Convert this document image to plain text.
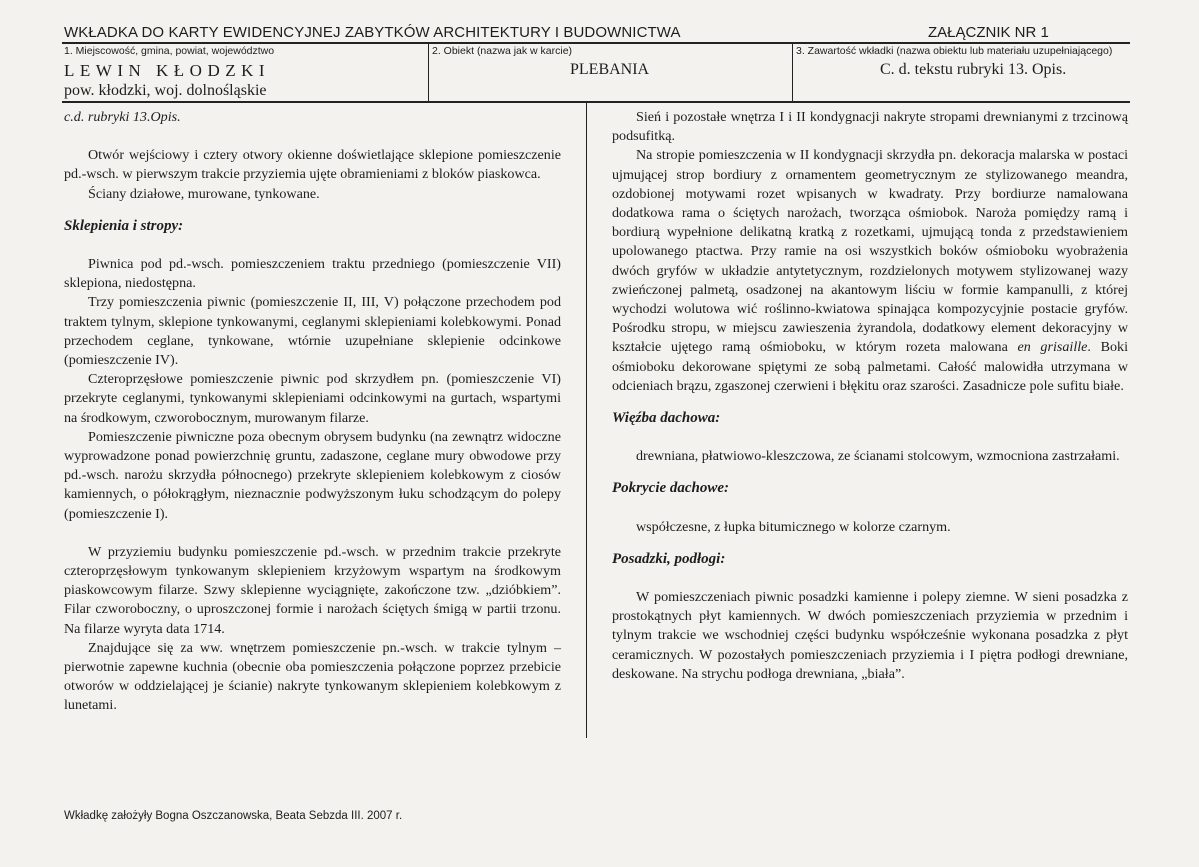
WKŁADKA DO KARTY EWIDENCYJNEJ ZABYTKÓW ARCHITEKTURY I BUDOWNICTWA	ZAŁĄCZNIK NR 1
1. Miejscowość, gmina, powiat, województwo
LEWIN KŁODZKI
pow. kłodzki, woj. dolnośląskie
2. Obiekt (nazwa jak w karcie)
PLEBANIA
3. Zawartość wkładki (nazwa obiektu lub materiału uzupełniającego)
C. d. tekstu rubryki 13. Opis.

c.d. rubryki 13.Opis.

Otwór wejściowy i cztery otwory okienne doświetlające sklepione pomieszczenie pd.-wsch. w pierwszym trakcie przyziemia ujęte obramieniami z bloków piaskowca.

Ściany działowe, murowane, tynkowane.

Sklepienia i stropy:

Piwnica pod pd.-wsch. pomieszczeniem traktu przedniego (pomieszczenie VII) sklepiona, niedostępna.

Trzy pomieszczenia piwnic (pomieszczenie II, III, V) połączone przechodem pod traktem tylnym, sklepione tynkowanymi, ceglanymi sklepieniami kolebkowymi. Ponad przechodem ceglane, tynkowane, wtórnie uzupełniane sklepienie odcinkowe (pomieszczenie IV).

Czteroprzęsłowe pomieszczenie piwnic pod skrzydłem pn. (pomieszczenie VI) przekryte ceglanymi, tynkowanymi sklepieniami odcinkowymi na gurtach, wspartymi na środkowym, czworobocznym, murowanym filarze.

Pomieszczenie piwniczne poza obecnym obrysem budynku (na zewnątrz widoczne wyprowadzone ponad powierzchnię gruntu, zadaszone, ceglane mury obwodowe przy pd.-wsch. narożu skrzydła północnego) przekryte sklepieniem kolebkowym z ciosów kamiennych, o półokrągłym, nieznacznie podwyższonym łuku schodzącym do polepy (pomieszczenie I).

W przyziemiu budynku pomieszczenie pd.-wsch. w przednim trakcie przekryte czteroprzęsłowym tynkowanym sklepieniem krzyżowym wspartym na środkowym piaskowcowym filarze. Szwy sklepienne wyciągnięte, zakończone tzw. „dzióbkiem”. Filar czworoboczny, o uproszczonej formie i narożach ściętych śmigą w partii trzonu. Na filarze wyryta data 1714.

Znajdujące się za ww. wnętrzem pomieszczenie pn.-wsch. w trakcie tylnym – pierwotnie zapewne kuchnia (obecnie oba pomieszczenia połączone poprzez przebicie otworów w oddzielającej je ścianie) nakryte tynkowanym sklepieniem kolebkowym z lunetami.

Sień i pozostałe wnętrza I i II kondygnacji nakryte stropami drewnianymi z trzcinową podsufitką.

Na stropie pomieszczenia w II kondygnacji skrzydła pn. dekoracja malarska w postaci ujmującej strop bordiury z ornamentem geometrycznym ze stylizowanego meandra, ozdobionej motywami rozet wpisanych w kwadraty. Przy bordiurze namalowana dodatkowa rama o ściętych narożach, tworząca ośmiobok. Naroża pomiędzy ramą i bordiurą wypełnione delikatną kratką z rozetkami, ujmującą tonda z przedstawieniem upolowanego ptactwa. Przy ramie na osi wszystkich boków ośmioboku wyobrażenia dwóch gryfów w układzie antytetycznym, rozdzielonych motywem stylizowanej wazy zwieńczonej palmetą, osadzonej na akantowym liściu w formie kampanulli, z której wychodzi wolutowa wić roślinno-kwiatowa spinająca kompozycyjnie postacie gryfów. Pośrodku stropu, w miejscu zawieszenia żyrandola, dodatkowy element dekoracyjny w kształcie ujętego ramą ośmioboku, w którym rozeta malowana en grisaille. Boki ośmioboku dekorowane spiętymi ze sobą palmetami. Całość malowidła utrzymana w odcieniach brązu, zgaszonej czerwieni i błękitu oraz szarości. Zasadnicze pole sufitu białe.

Więźba dachowa:

drewniana, płatwiowo-kleszczowa, ze ścianami stolcowym, wzmocniona zastrzałami.

Pokrycie dachowe:

współczesne, z łupka bitumicznego w kolorze czarnym.

Posadzki, podłogi:

W pomieszczeniach piwnic posadzki kamienne i polepy ziemne. W sieni posadzka z prostokątnych płyt kamiennych. W dwóch pomieszczeniach przyziemia w przednim i tylnym trakcie we wschodniej części budynku współcześnie wykonana posadzka z płyt ceramicznych. W pozostałych pomieszczeniach przyziemia i I piętra podłogi drewniane, deskowane. Na strychu podłoga drewniana, „biała”.

Wkładkę założyły Bogna Oszczanowska, Beata Sebzda III. 2007 r.
